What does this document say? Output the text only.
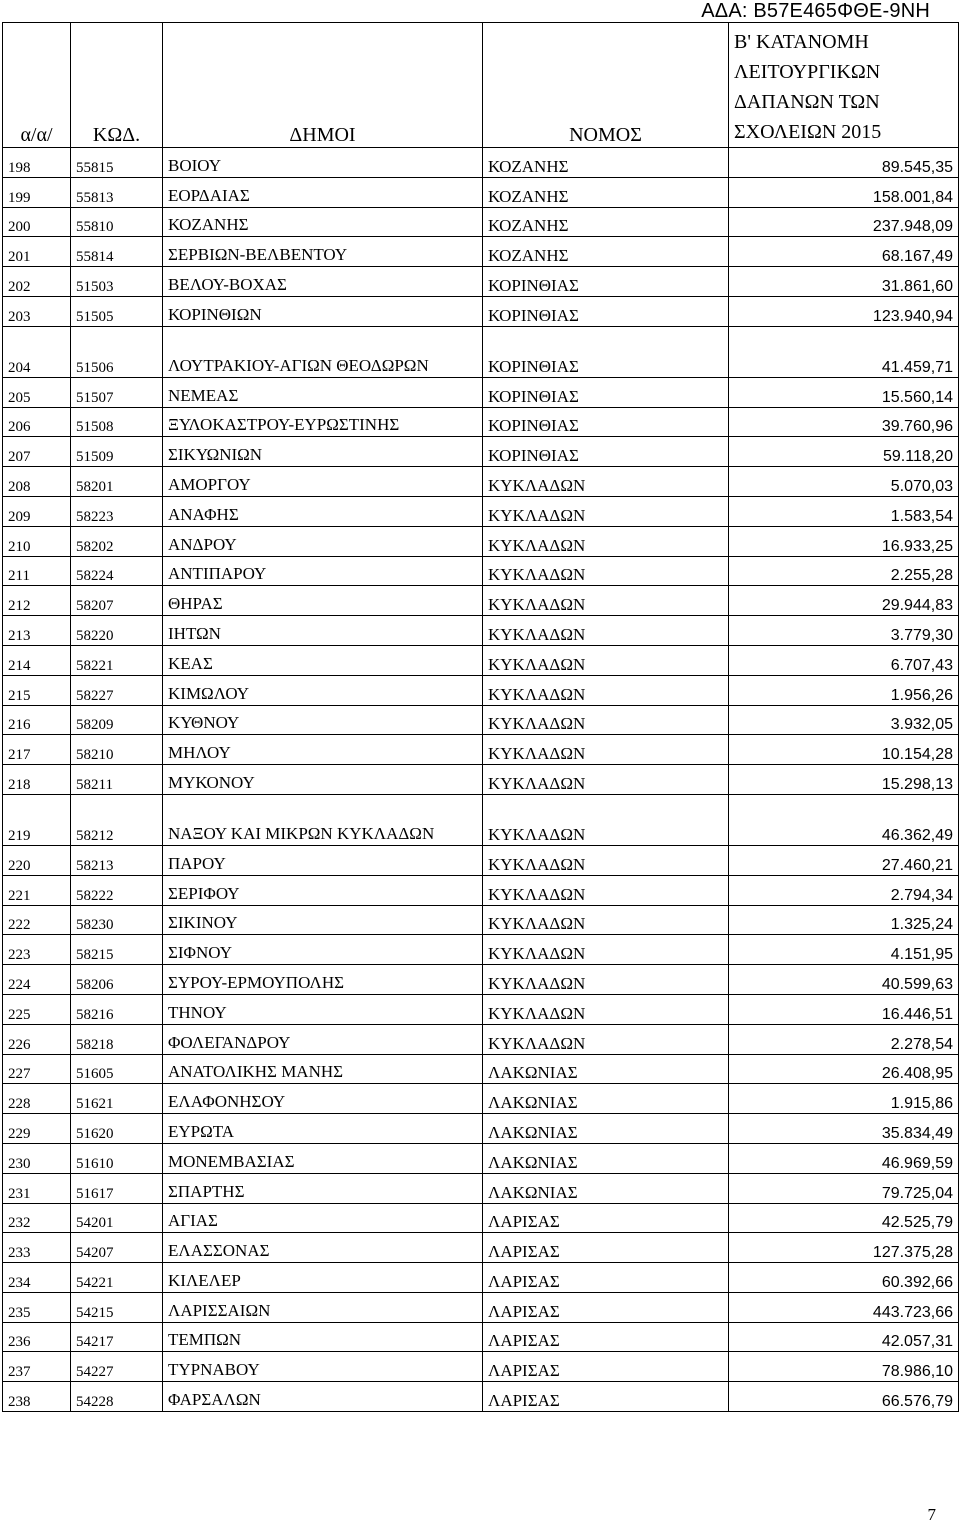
ΑΔΑ: Β57Ε465ΦΘΕ-9ΝΗ
α/α/	ΚΩΔ.	ΔΗΜΟΙ	ΝΟΜΟΣ	Β' ΚΑΤΑΝΟΜΗ ΛΕΙΤΟΥΡΓΙΚΩΝ ΔΑΠΑΝΩΝ ΤΩΝ ΣΧΟΛΕΙΩΝ 2015
198	55815	ΒΟΙΟΥ	ΚΟΖΑΝΗΣ	89.545,35
199	55813	ΕΟΡΔΑΙΑΣ	ΚΟΖΑΝΗΣ	158.001,84
200	55810	ΚΟΖΑΝΗΣ	ΚΟΖΑΝΗΣ	237.948,09
201	55814	ΣΕΡΒΙΩΝ-ΒΕΛΒΕΝΤΟΥ	ΚΟΖΑΝΗΣ	68.167,49
202	51503	ΒΕΛΟΥ-ΒΟΧΑΣ	ΚΟΡΙΝΘΙΑΣ	31.861,60
203	51505	ΚΟΡΙΝΘΙΩΝ	ΚΟΡΙΝΘΙΑΣ	123.940,94
204	51506	ΛΟΥΤΡΑΚΙΟΥ-ΑΓΙΩΝ ΘΕΟΔΩΡΩΝ	ΚΟΡΙΝΘΙΑΣ	41.459,71
205	51507	ΝΕΜΕΑΣ	ΚΟΡΙΝΘΙΑΣ	15.560,14
206	51508	ΞΥΛΟΚΑΣΤΡΟΥ-ΕΥΡΩΣΤΙΝΗΣ	ΚΟΡΙΝΘΙΑΣ	39.760,96
207	51509	ΣΙΚΥΩΝΙΩΝ	ΚΟΡΙΝΘΙΑΣ	59.118,20
208	58201	ΑΜΟΡΓΟΥ	ΚΥΚΛΑΔΩΝ	5.070,03
209	58223	ΑΝΑΦΗΣ	ΚΥΚΛΑΔΩΝ	1.583,54
210	58202	ΑΝΔΡΟΥ	ΚΥΚΛΑΔΩΝ	16.933,25
211	58224	ΑΝΤΙΠΑΡΟΥ	ΚΥΚΛΑΔΩΝ	2.255,28
212	58207	ΘΗΡΑΣ	ΚΥΚΛΑΔΩΝ	29.944,83
213	58220	ΙΗΤΩΝ	ΚΥΚΛΑΔΩΝ	3.779,30
214	58221	ΚΕΑΣ	ΚΥΚΛΑΔΩΝ	6.707,43
215	58227	ΚΙΜΩΛΟΥ	ΚΥΚΛΑΔΩΝ	1.956,26
216	58209	ΚΥΘΝΟΥ	ΚΥΚΛΑΔΩΝ	3.932,05
217	58210	ΜΗΛΟΥ	ΚΥΚΛΑΔΩΝ	10.154,28
218	58211	ΜΥΚΟΝΟΥ	ΚΥΚΛΑΔΩΝ	15.298,13
219	58212	ΝΑΞΟΥ ΚΑΙ ΜΙΚΡΩΝ ΚΥΚΛΑΔΩΝ	ΚΥΚΛΑΔΩΝ	46.362,49
220	58213	ΠΑΡΟΥ	ΚΥΚΛΑΔΩΝ	27.460,21
221	58222	ΣΕΡΙΦΟΥ	ΚΥΚΛΑΔΩΝ	2.794,34
222	58230	ΣΙΚΙΝΟΥ	ΚΥΚΛΑΔΩΝ	1.325,24
223	58215	ΣΙΦΝΟΥ	ΚΥΚΛΑΔΩΝ	4.151,95
224	58206	ΣΥΡΟΥ-ΕΡΜΟΥΠΟΛΗΣ	ΚΥΚΛΑΔΩΝ	40.599,63
225	58216	ΤΗΝΟΥ	ΚΥΚΛΑΔΩΝ	16.446,51
226	58218	ΦΟΛΕΓΑΝΔΡΟΥ	ΚΥΚΛΑΔΩΝ	2.278,54
227	51605	ΑΝΑΤΟΛΙΚΗΣ ΜΑΝΗΣ	ΛΑΚΩΝΙΑΣ	26.408,95
228	51621	ΕΛΑΦΟΝΗΣΟΥ	ΛΑΚΩΝΙΑΣ	1.915,86
229	51620	ΕΥΡΩΤΑ	ΛΑΚΩΝΙΑΣ	35.834,49
230	51610	ΜΟΝΕΜΒΑΣΙΑΣ	ΛΑΚΩΝΙΑΣ	46.969,59
231	51617	ΣΠΑΡΤΗΣ	ΛΑΚΩΝΙΑΣ	79.725,04
232	54201	ΑΓΙΑΣ	ΛΑΡΙΣΑΣ	42.525,79
233	54207	ΕΛΑΣΣΟΝΑΣ	ΛΑΡΙΣΑΣ	127.375,28
234	54221	ΚΙΛΕΛΕΡ	ΛΑΡΙΣΑΣ	60.392,66
235	54215	ΛΑΡΙΣΣΑΙΩΝ	ΛΑΡΙΣΑΣ	443.723,66
236	54217	ΤΕΜΠΩΝ	ΛΑΡΙΣΑΣ	42.057,31
237	54227	ΤΥΡΝΑΒΟΥ	ΛΑΡΙΣΑΣ	78.986,10
238	54228	ΦΑΡΣΑΛΩΝ	ΛΑΡΙΣΑΣ	66.576,79
7
